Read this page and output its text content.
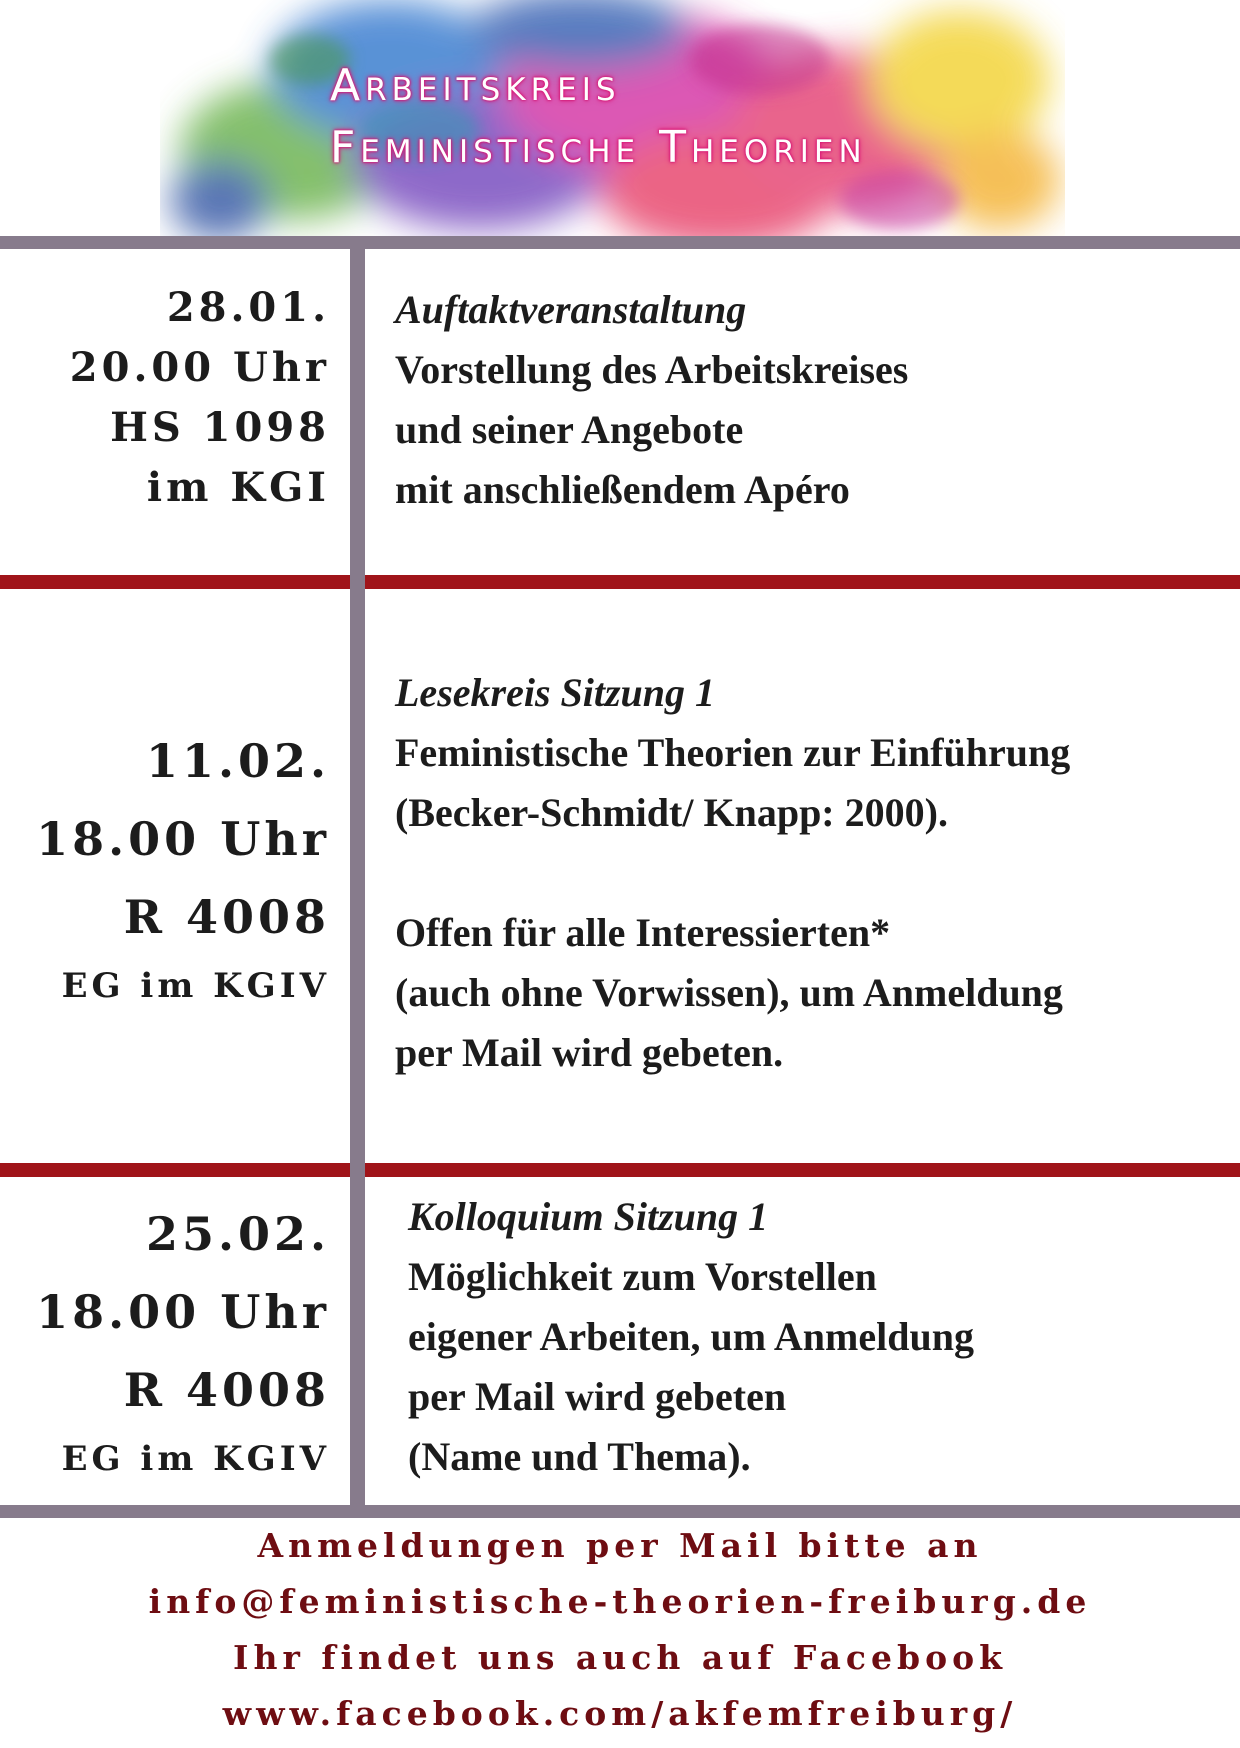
Arbeitskreis
Feministische Theorien
28.01.
20.00 Uhr
HS 1098
im KGI
Auftaktveranstaltung
Vorstellung des Arbeitskreises
und seiner Angebote
mit anschließendem Apéro
11.02.
18.00 Uhr
R 4008
EG im KGIV
Lesekreis Sitzung 1
Feministische Theorien zur Einführung
(Becker-Schmidt/ Knapp: 2000).
Offen für alle Interessierten*
(auch ohne Vorwissen), um Anmeldung
per Mail wird gebeten.
25.02.
18.00 Uhr
R 4008
EG im KGIV
Kolloquium Sitzung 1
Möglichkeit zum Vorstellen
eigener Arbeiten, um Anmeldung
per Mail wird gebeten
(Name und Thema).
Anmeldungen per Mail bitte an
info@feministische-theorien-freiburg.de
Ihr findet uns auch auf Facebook
www.facebook.com/akfemfreiburg/
